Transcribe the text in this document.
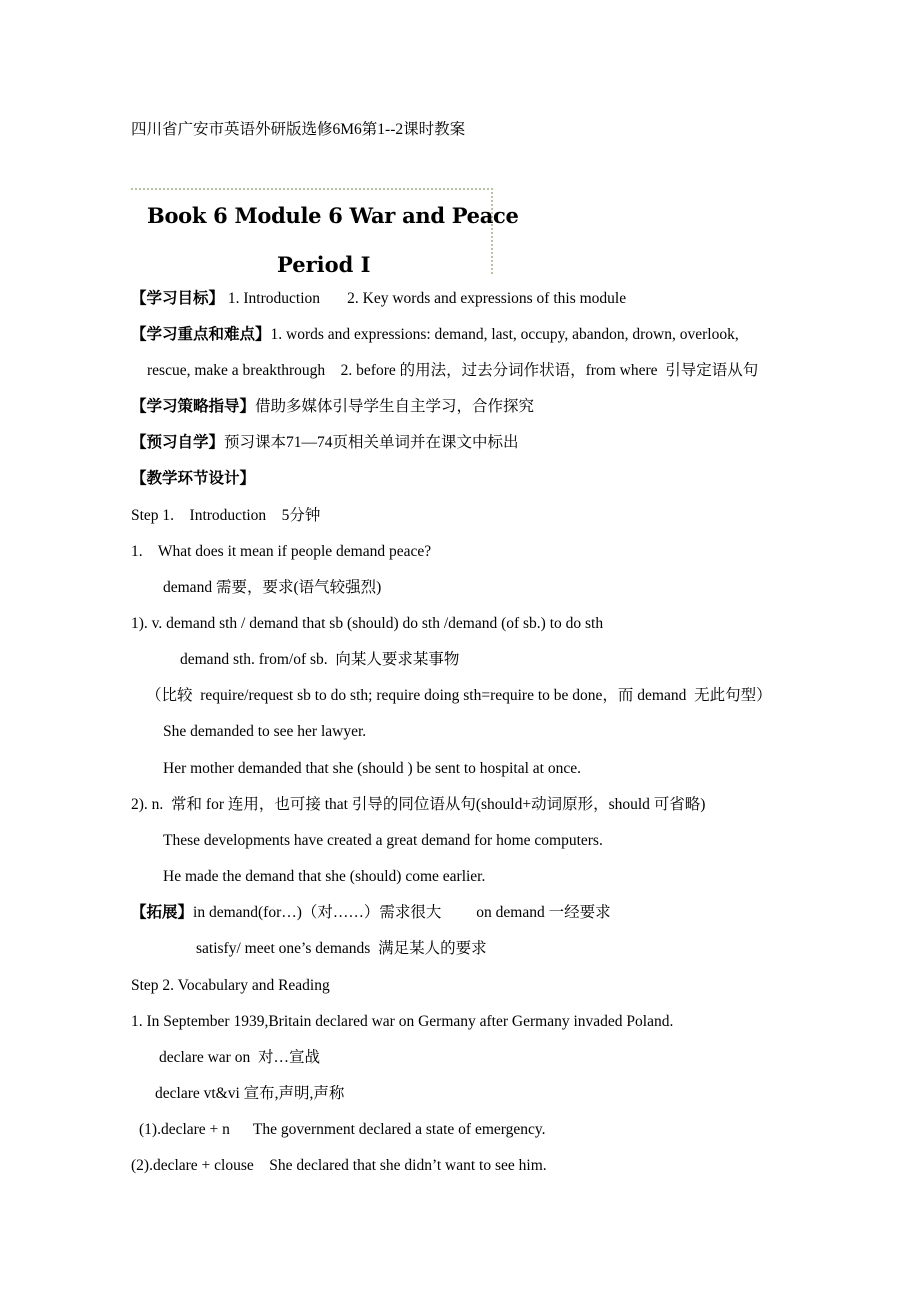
四川省广安市英语外研版选修6M6第1--2课时教案
Book 6 Module 6 War and Peace
Period I
【学习目标】 1. Introduction       2. Key words and expressions of this module
【学习重点和难点】1. words and expressions: demand, last, occupy, abandon, drown, overlook,
rescue, make a breakthrough    2. before 的用法，过去分词作状语，from where  引导定语从句
【学习策略指导】借助多媒体引导学生自主学习，合作探究
【预习自学】预习课本71—74页相关单词并在课文中标出
【教学环节设计】
Step 1.    Introduction    5分钟
1.    What does it mean if people demand peace?
demand 需要，要求(语气较强烈)
1). v. demand sth / demand that sb (should) do sth /demand (of sb.) to do sth
demand sth. from/of sb.  向某人要求某事物
（比较  require/request sb to do sth; require doing sth=require to be done，而 demand  无此句型）
She demanded to see her lawyer.
Her mother demanded that she (should ) be sent to hospital at once.
2). n.  常和 for 连用，也可接 that 引导的同位语从句(should+动词原形，should 可省略)
These developments have created a great demand for home computers.
He made the demand that she (should) come earlier.
【拓展】in demand(for…)（对……）需求很大         on demand 一经要求
satisfy/ meet one’s demands  满足某人的要求
Step 2. Vocabulary and Reading
1. In September 1939,Britain declared war on Germany after Germany invaded Poland.
declare war on  对…宣战
declare vt&vi 宣布,声明,声称
(1).declare + n      The government declared a state of emergency.
(2).declare + clouse    She declared that she didn’t want to see him.
